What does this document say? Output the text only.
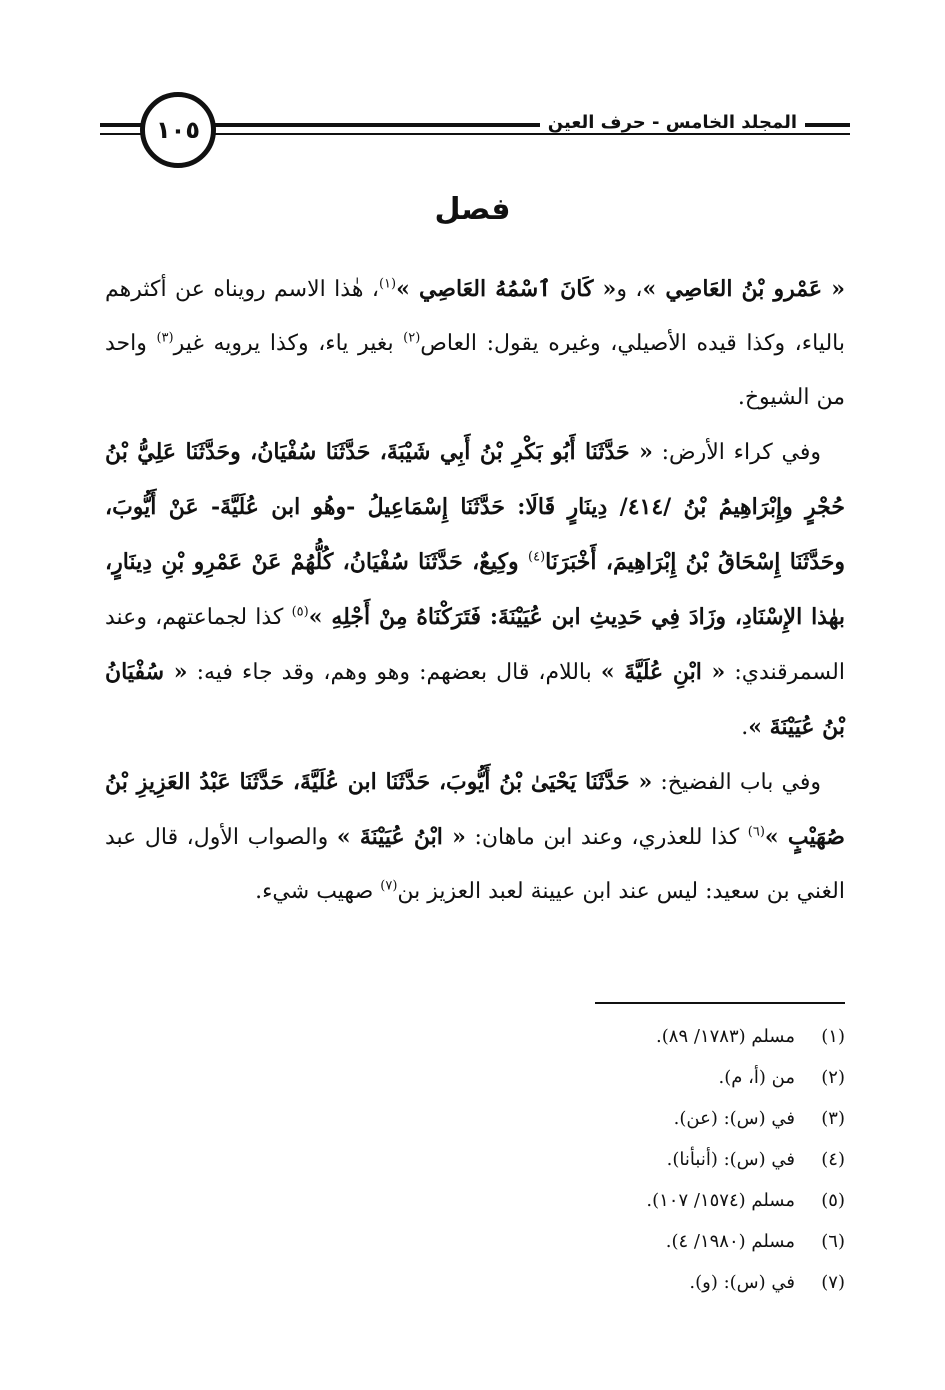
١٠٥	المجلد الخامس - حرف العين
فصل

« عَمْرو بْنُ العَاصِي »، و« كَانَ ٱسْمُهُ العَاصِي »$^{(١)}$، هٰذا الاسم رويناه عن أكثرهم بالياء، وكذا قيده الأصيلي، وغيره يقول: العاص$^{(٢)}$ بغير ياء، وكذا يرويه غير$^{(٣)}$ واحد من الشيوخ.

وفي كراء الأرض: « حَدَّثَنَا أَبُو بَكْرِ بْنُ أَبِي شَيْبَةَ، حَدَّثَنَا سُفْيَانُ، وحَدَّثَنَا عَلِيُّ بْنُ حُجْرٍ وإِبْرَاهِيمُ بْنُ /٤١٤/ دِينَارٍ قَالَا: حَدَّثَنَا إِسْمَاعِيلُ -وهُو ابن عُلَيَّةَ- عَنْ أَيُّوبَ، وحَدَّثَنَا إِسْحَاقُ بْنُ إِبْرَاهِيمَ، أَخْبَرَنَا$^{(٤)}$ وكِيعٌ، حَدَّثَنَا سُفْيَانُ، كُلُّهُمْ عَنْ عَمْرِو بْنِ دِينَارٍ، بهٰذا الإِسْنَادِ، وزَادَ فِي حَدِيثِ ابن عُيَيْنَةَ: فَتَرَكْنَاهُ مِنْ أَجْلِهِ »$^{(٥)}$ كذا لجماعتهم، وعند السمرقندي: « ابْنِ عُلَيَّةَ » باللام، قال بعضهم: وهو وهم، وقد جاء فيه: « سُفْيَانُ بْنُ عُيَيْنَةَ ».

وفي باب الفضيخ: « حَدَّثَنَا يَحْيَىٰ بْنُ أَيُّوبَ، حَدَّثَنَا ابن عُلَيَّةَ، حَدَّثَنَا عَبْدُ العَزِيزِ بْنُ صُهَيْبٍ »$^{(٦)}$ كذا للعذري، وعند ابن ماهان: « ابْنُ عُيَيْنَةَ » والصواب الأول، قال عبد الغني بن سعيد: ليس عند ابن عيينة لعبد العزيز بن$^{(٧)}$ صهيب شيء.

(١)مسلم (١٧٨٣/ ٨٩).
(٢)من (أ، م).
(٣)في (س): (عن).
(٤)في (س): (أنبأنا).
(٥)مسلم (١٥٧٤/ ١٠٧).
(٦)مسلم (١٩٨٠/ ٤).
(٧)في (س): (و).
